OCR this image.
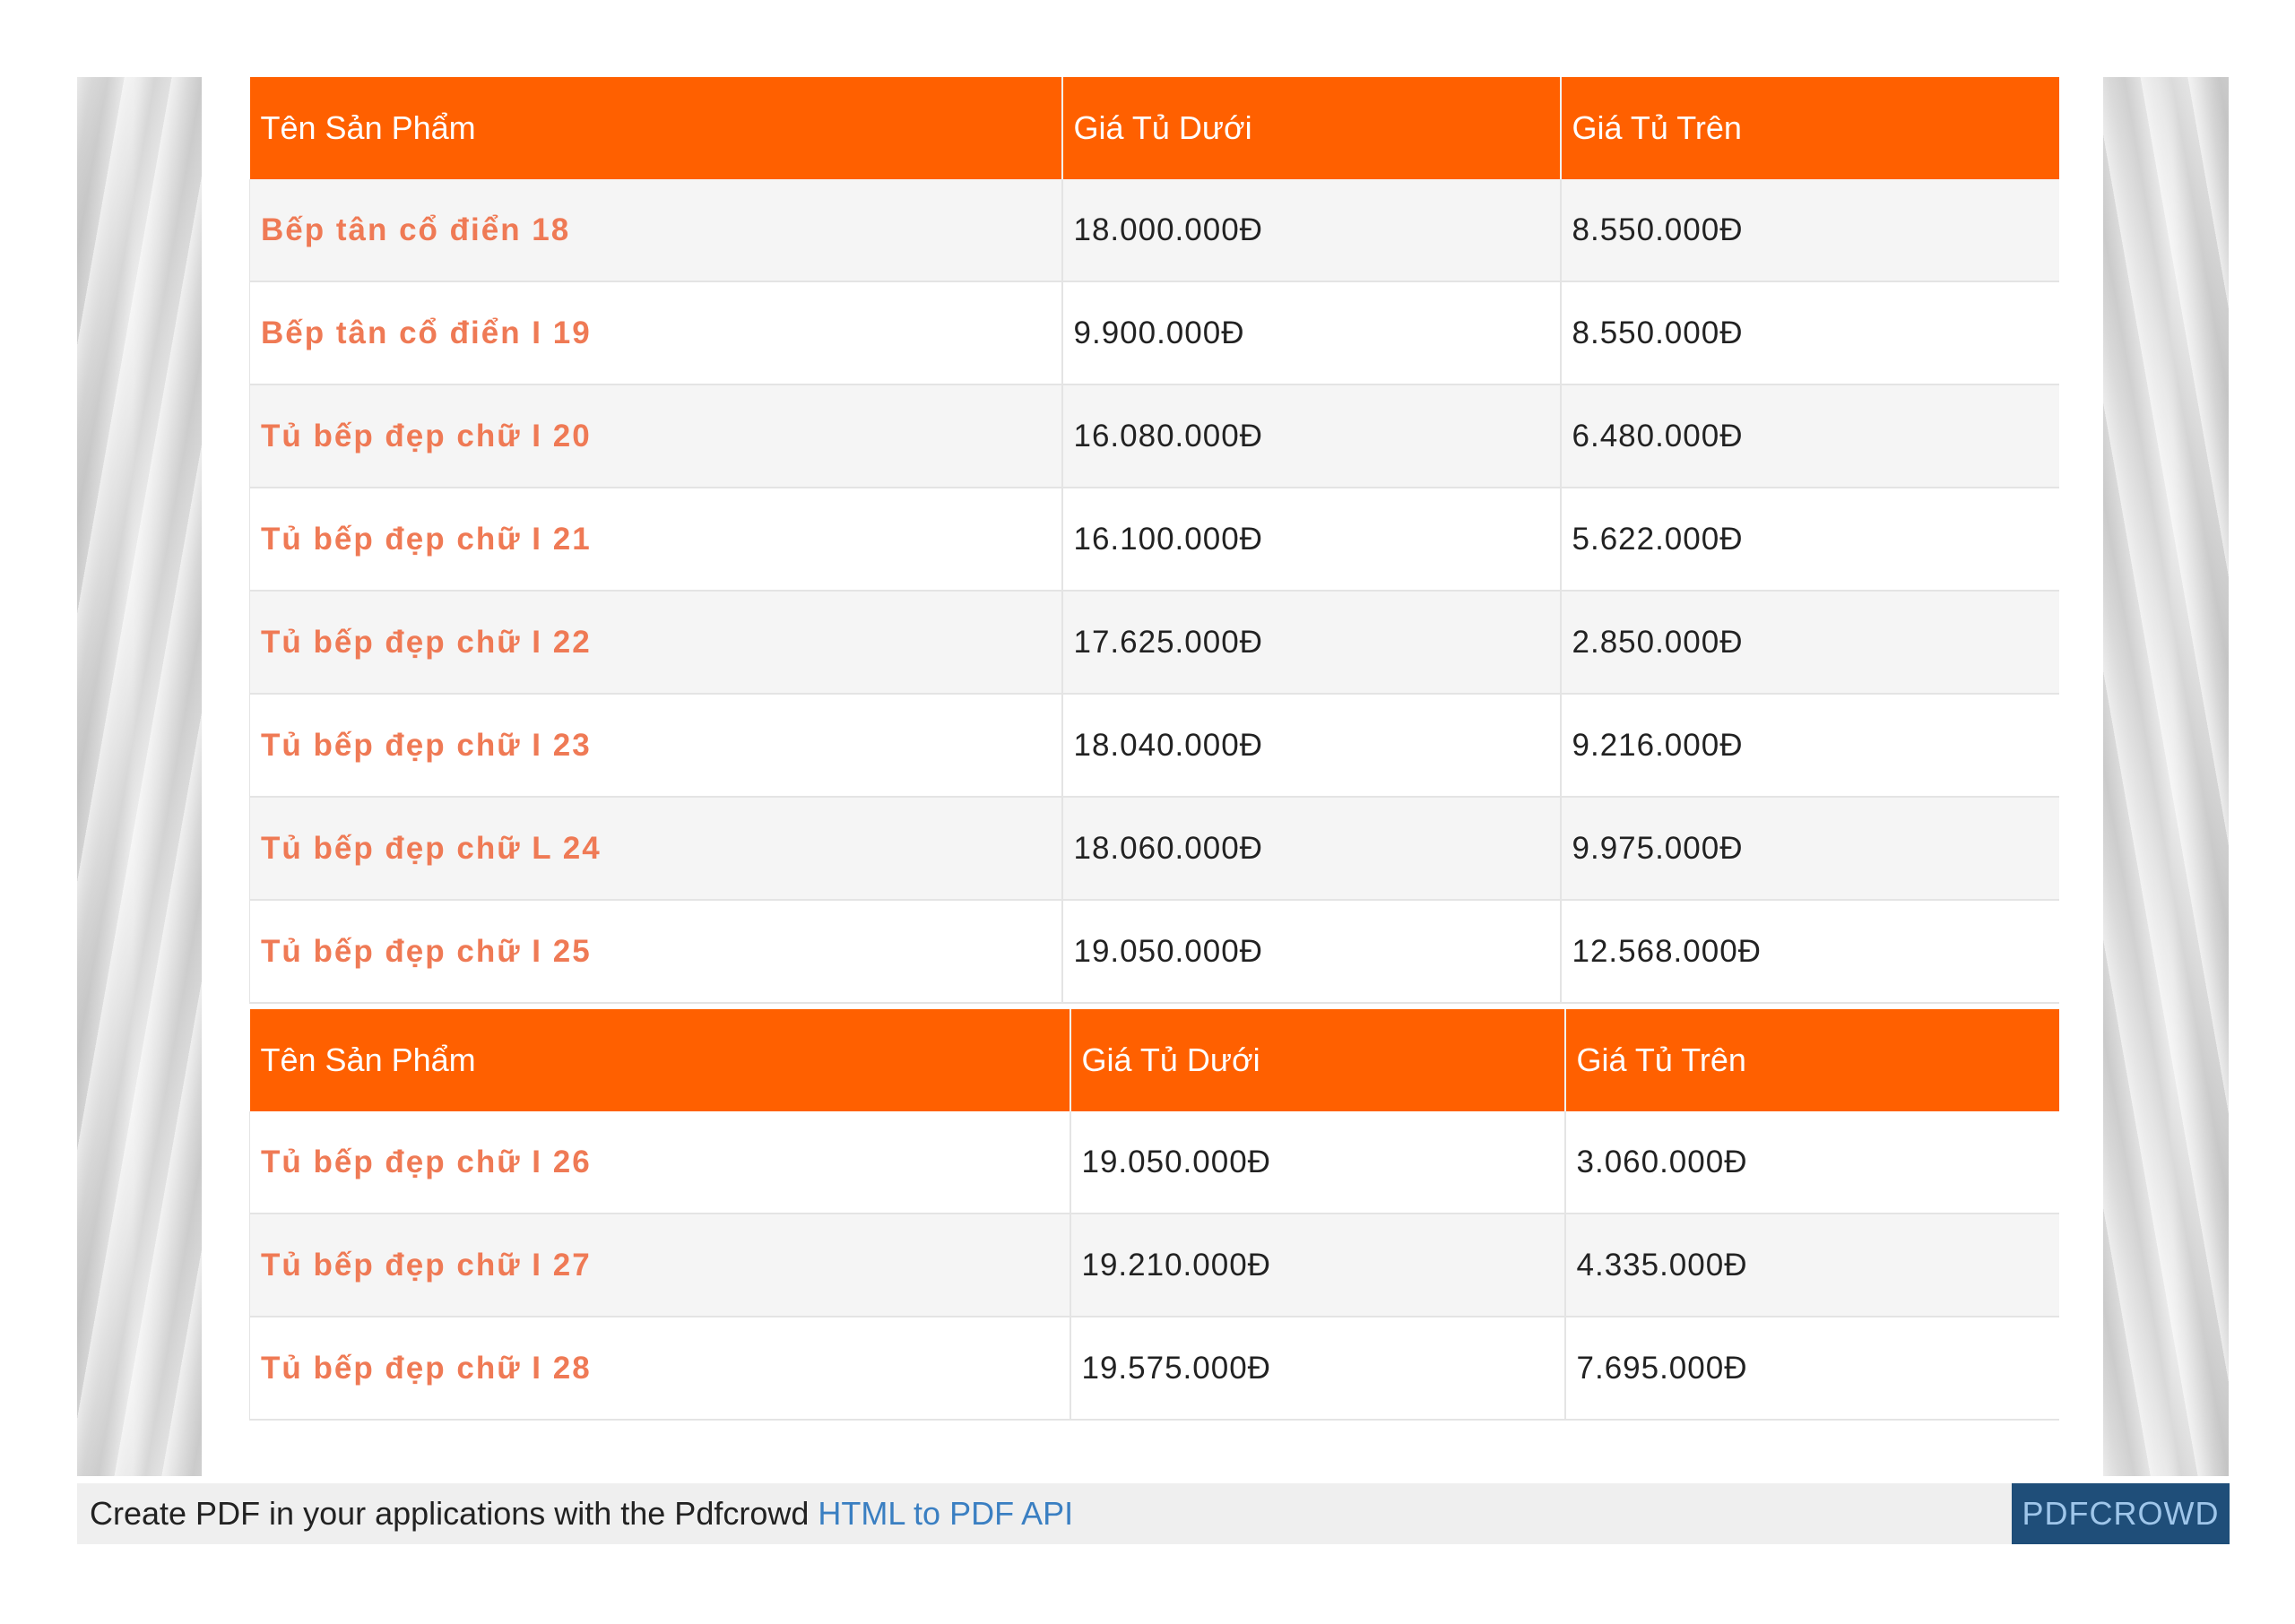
Tên Sản Phẩm	Giá Tủ Dưới	Giá Tủ Trên
Bếp tân cổ điển 18	18.000.000Đ	8.550.000Đ
Bếp tân cổ điển I 19	9.900.000Đ	8.550.000Đ
Tủ bếp đẹp chữ I 20	16.080.000Đ	6.480.000Đ
Tủ bếp đẹp chữ I 21	16.100.000Đ	5.622.000Đ
Tủ bếp đẹp chữ I 22	17.625.000Đ	2.850.000Đ
Tủ bếp đẹp chữ I 23	18.040.000Đ	9.216.000Đ
Tủ bếp đẹp chữ L 24	18.060.000Đ	9.975.000Đ
Tủ bếp đẹp chữ I 25	19.050.000Đ	12.568.000Đ
Tên Sản Phẩm	Giá Tủ Dưới	Giá Tủ Trên
Tủ bếp đẹp chữ I 26	19.050.000Đ	3.060.000Đ
Tủ bếp đẹp chữ I 27	19.210.000Đ	4.335.000Đ
Tủ bếp đẹp chữ I 28	19.575.000Đ	7.695.000Đ
Create PDF in your applications with the Pdfcrowd HTML to PDF API	PDFCROWD
